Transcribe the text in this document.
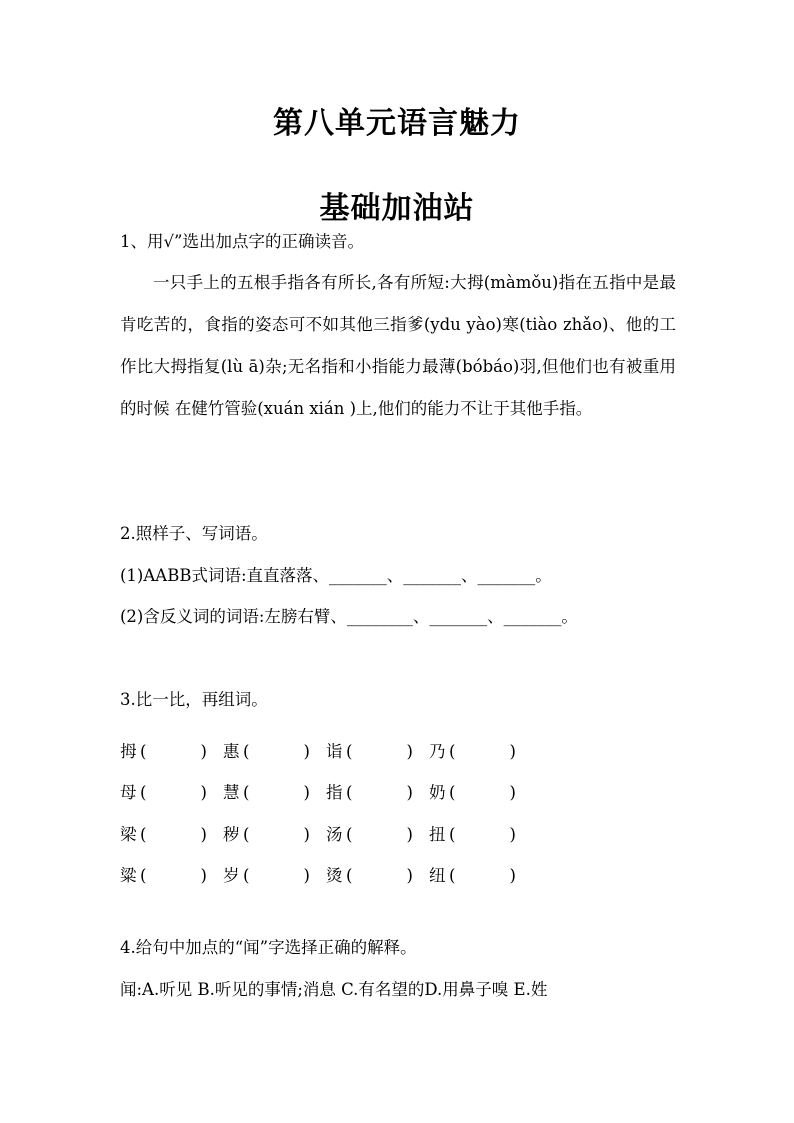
第八单元语言魅力
基础加油站
1、用√”选出加点字的正确读音。
一只手上的五根手指各有所长,各有所短:大拇(màmǒu)指在五指中是最肯吃苦的，食指的姿态可不如其他三指爹(ydu yào)寒(tiào zhǎo)、他的工作比大拇指复(lù ā)杂;无名指和小指能力最薄(bóbáo)羽,但他们也有被重用的时候 在健竹管验(xuán xián )上,他们的能力不让于其他手指。
2.照样子、写词语。
(1)AABB式词语:直直落落、_______、_______、_______。
(2)含反义词的词语:左膀右臂、________、_______、_______。
3.比一比，再组词。
拇 (	) 惠 (	) 诣 (	) 乃 (	)
母 (	) 慧 (	) 指 (	) 奶 (	)
梁 (	) 秽 (	) 汤 (	) 扭 (	)
粱 (	) 岁 (	) 烫 (	) 纽 (	)
4.给句中加点的“闻”字选择正确的解释。
闻:A.听见 B.听见的事情;消息 C.有名望的D.用鼻子嗅 E.姓
